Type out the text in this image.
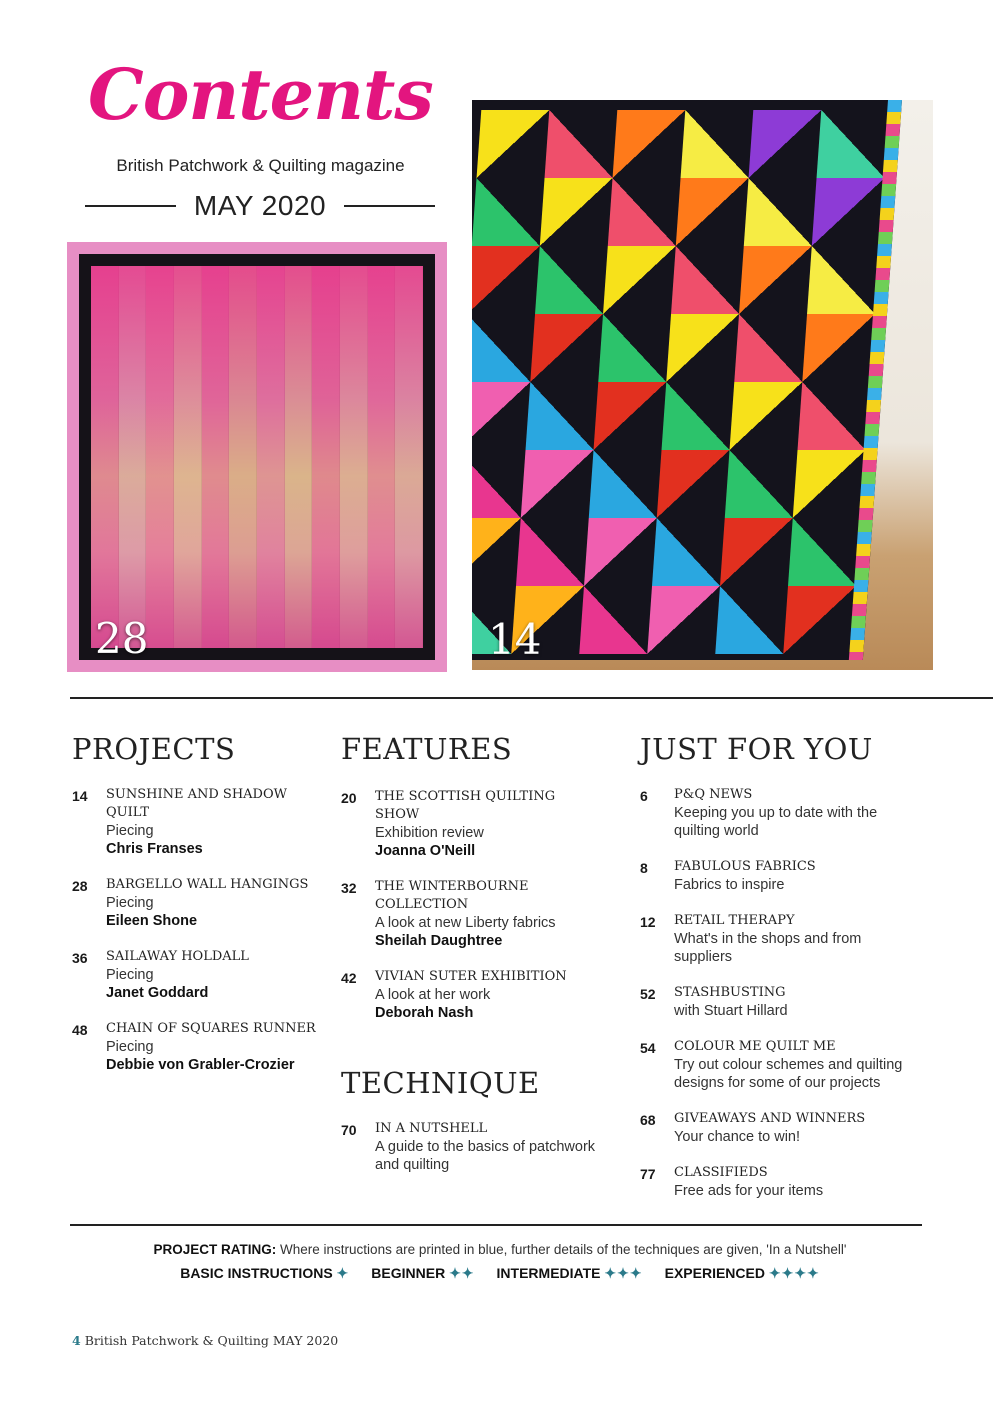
Contents
British Patchwork & Quilting magazine
MAY 2020
28	14
PROJECTS
14	SUNSHINE AND SHADOW QUILT
Piecing
Chris Franses
28	BARGELLO WALL HANGINGS
Piecing
Eileen Shone
36	SAILAWAY HOLDALL
Piecing
Janet Goddard
48	CHAIN OF SQUARES RUNNER
Piecing
Debbie von Grabler-Crozier
FEATURES
20	THE SCOTTISH QUILTING SHOW
Exhibition review
Joanna O'Neill
32	THE WINTERBOURNE COLLECTION
A look at new Liberty fabrics
Sheilah Daughtree
42	VIVIAN SUTER EXHIBITION
A look at her work
Deborah Nash
TECHNIQUE
70	IN A NUTSHELL
A guide to the basics of patchwork and quilting
JUST FOR YOU
6	P&Q NEWS
Keeping you up to date with the quilting world
8	FABULOUS FABRICS
Fabrics to inspire
12	RETAIL THERAPY
What's in the shops and from suppliers
52	STASHBUSTING
with Stuart Hillard
54	COLOUR ME QUILT ME
Try out colour schemes and quilting designs for some of our projects
68	GIVEAWAYS AND WINNERS
Your chance to win!
77	CLASSIFIEDS
Free ads for your items
PROJECT RATING: Where instructions are printed in blue, further details of the techniques are given, 'In a Nutshell'
BASIC INSTRUCTIONS ✦ BEGINNER ✦✦ INTERMEDIATE ✦✦✦ EXPERIENCED ✦✦✦✦
4 British Patchwork & Quilting MAY 2020
